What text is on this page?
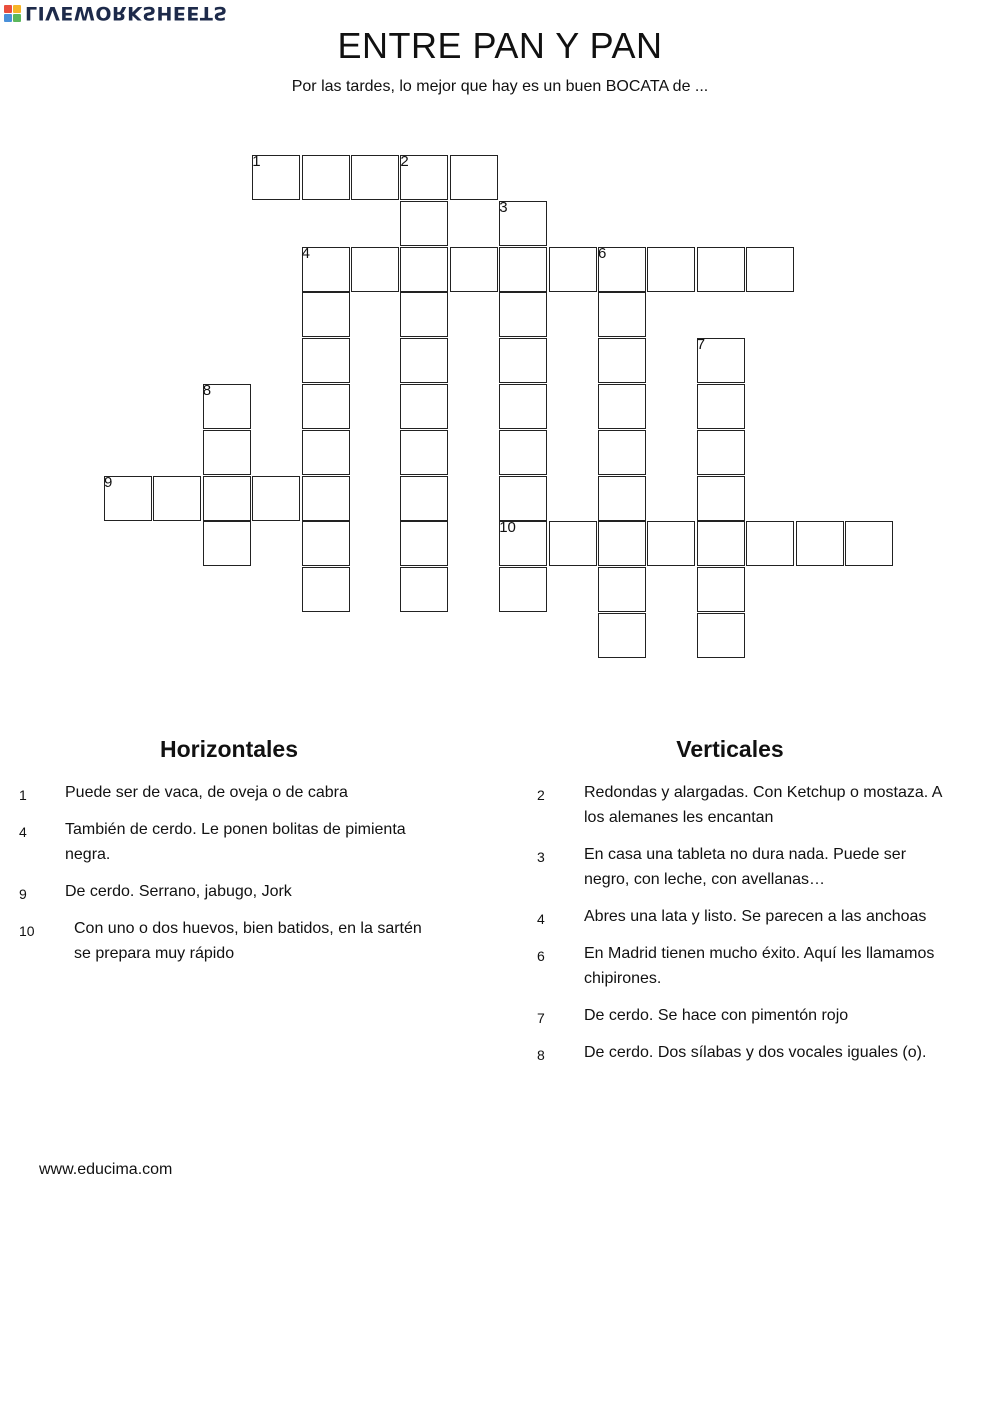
LIVEWORKSHEETS
ENTRE PAN Y PAN
Por las tardes, lo mejor que hay es un buen BOCATA de ...
1	2
3
10
4	6
7
8
9
Horizontales	Verticales
1	Puede ser de vaca, de oveja o de cabra
4	También de cerdo. Le ponen bolitas de pimienta
negra.
9	De cerdo. Serrano, jabugo, Jork
10	Con uno o dos huevos, bien batidos, en la sartén
se prepara muy rápido
2	Redondas y alargadas. Con Ketchup o mostaza. A
los alemanes les encantan
3	En casa una tableta no dura nada. Puede ser
negro, con leche, con avellanas…
4	Abres una lata y listo. Se parecen a las anchoas
6	En Madrid tienen mucho éxito. Aquí les llamamos
chipirones.
7	De cerdo. Se hace con pimentón rojo
8	De cerdo. Dos sílabas y dos vocales iguales (o).
www.educima.com
